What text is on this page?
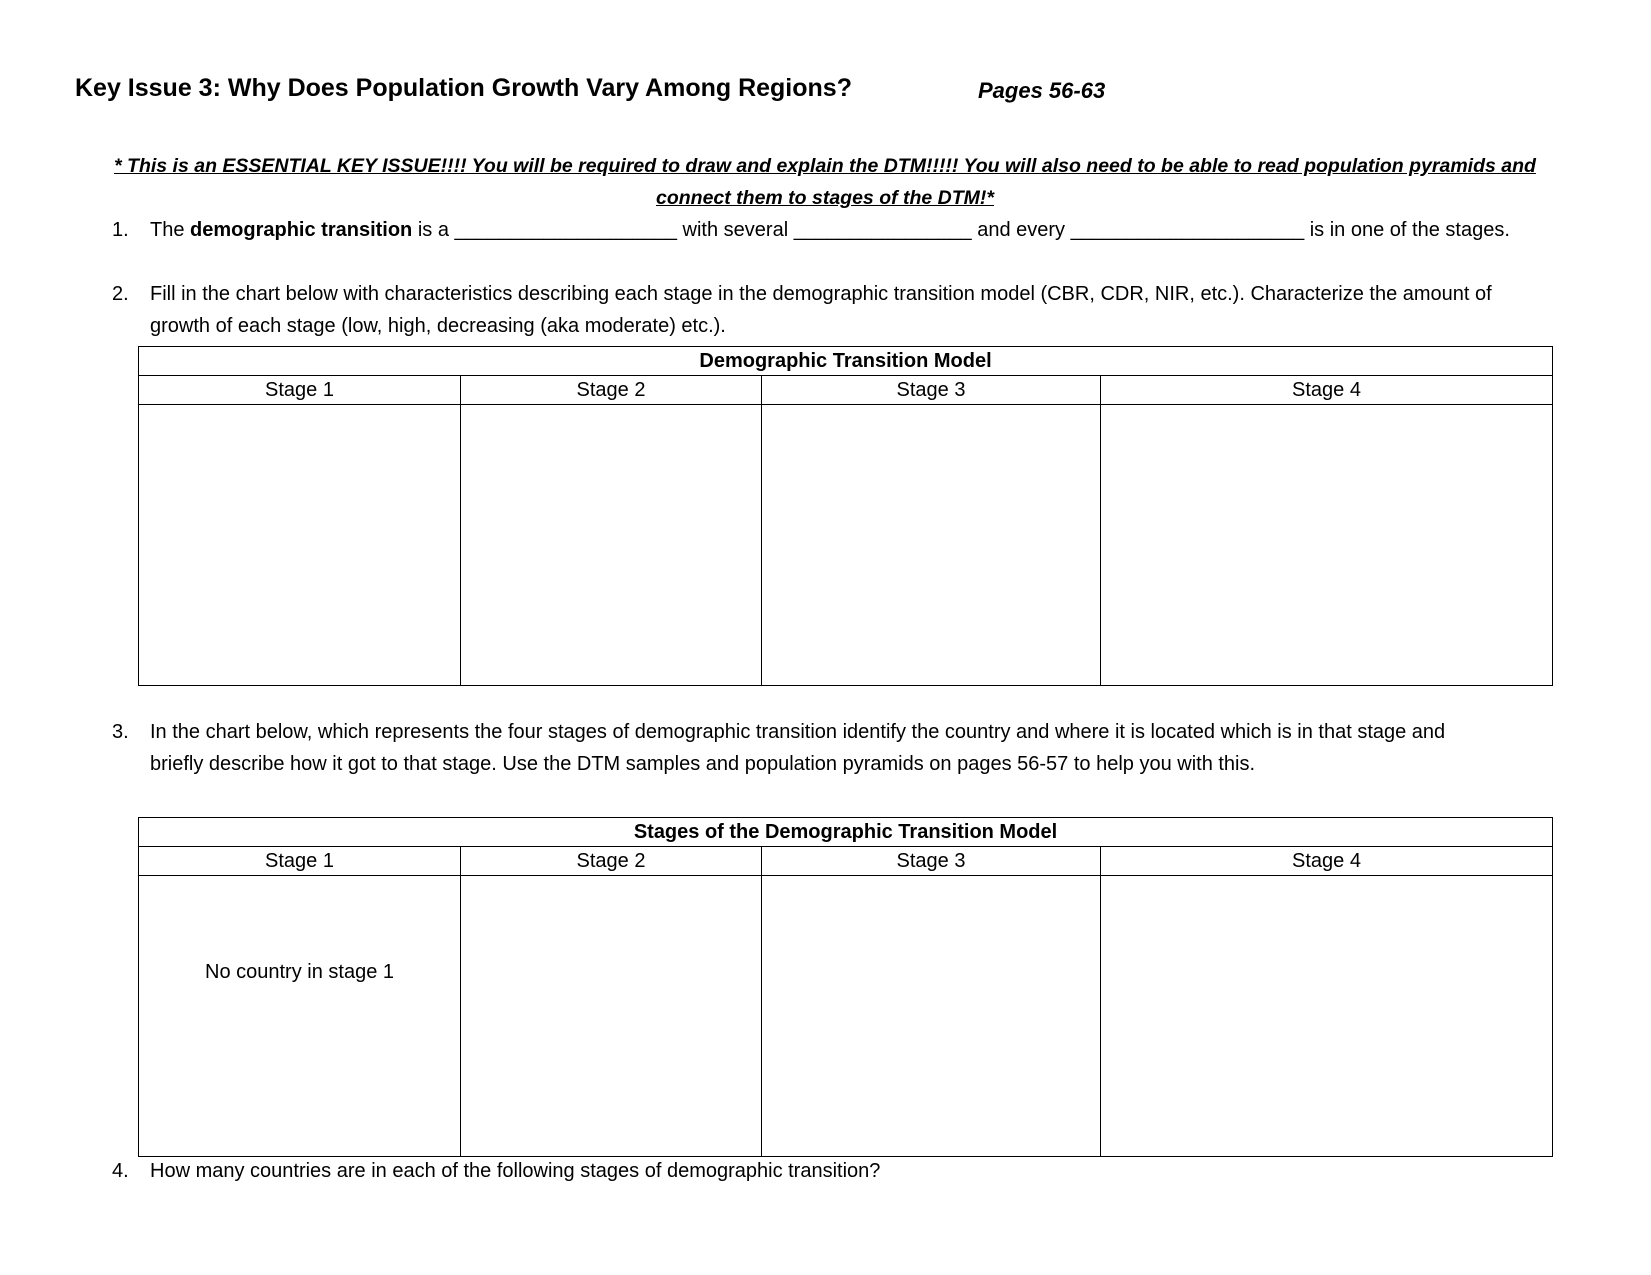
Key Issue 3: Why Does Population Growth Vary Among Regions?	Pages 56-63
* This is an ESSENTIAL KEY ISSUE!!!! You will be required to draw and explain the DTM!!!!! You will also need to be able to read population pyramids and
connect them to stages of the DTM!*
1. The demographic transition is a ____________________ with several ________________ and every _____________________ is in one of the stages.
2. Fill in the chart below with characteristics describing each stage in the demographic transition model (CBR, CDR, NIR, etc.). Characterize the amount of
growth of each stage (low, high, decreasing (aka moderate) etc.).
Demographic Transition Model			
Stage 1	Stage 2	Stage 3	Stage 4

3. In the chart below, which represents the four stages of demographic transition identify the country and where it is located which is in that stage and
briefly describe how it got to that stage. Use the DTM samples and population pyramids on pages 56-57 to help you with this.
Stages of the Demographic Transition Model			
Stage 1	Stage 2	Stage 3	Stage 4
No country in stage 1			
4. How many countries are in each of the following stages of demographic transition?
